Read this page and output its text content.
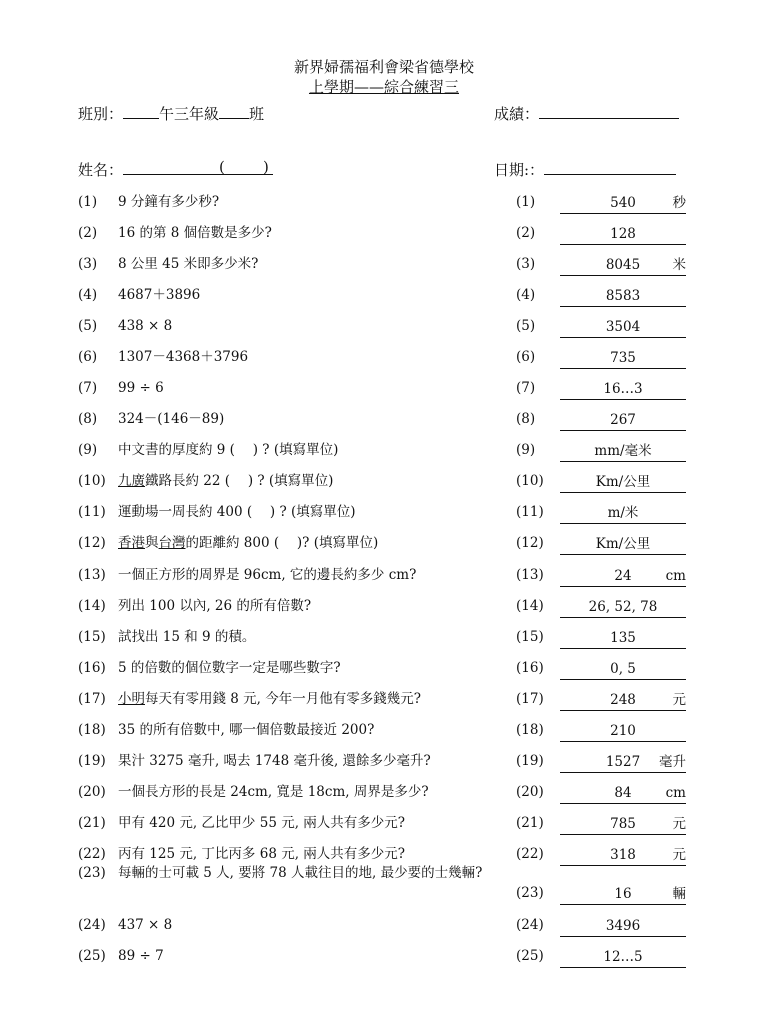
新界婦孺福利會梁省德學校
上學期——綜合練習三
班別： 午三年級 班	成績：
姓名：	(	)	日期:：
(1) 9 分鐘有多少秒?	(1)	540	秒
(2) 16 的第 8 個倍數是多少?	(2)	128
(3) 8 公里 45 米即多少米?	(3)	8045	米
(4) 4687＋3896	(4)	8583
(5) 438 × 8	(5)	3504
(6) 1307－4368＋3796	(6)	735
(7) 99 ÷ 6	(7)	16…3
(8) 324－(146－89)	(8)	267
(9) 中文書的厚度約 9 (　 ) ? (填寫單位)	(9)	mm/毫米
(10) 九廣鐵路長約 22 (　 ) ? (填寫單位)	(10)	Km/公里
(11) 運動場一周長約 400 (　 ) ? (填寫單位)	(11)	m/米
(12) 香港與台灣的距離約 800 (　 )? (填寫單位)	(12)	Km/公里
(13) 一個正方形的周界是 96cm, 它的邊長約多少 cm?	(13)	24	cm
(14) 列出 100 以內, 26 的所有倍數?	(14)	26, 52, 78
(15) 試找出 15 和 9 的積。	(15)	135
(16) 5 的倍數的個位數字一定是哪些數字?	(16)	0, 5
(17) 小明每天有零用錢 8 元, 今年一月他有零多錢幾元?	(17)	248	元
(18) 35 的所有倍數中, 哪一個倍數最接近 200?	(18)	210
(19) 果汁 3275 毫升, 喝去 1748 毫升後, 還餘多少毫升?	(19)	1527	毫升
(20) 一個長方形的長是 24cm, 寬是 18cm, 周界是多少?	(20)	84	cm
(21) 甲有 420 元, 乙比甲少 55 元, 兩人共有多少元?	(21)	785	元
(22) 丙有 125 元, 丁比丙多 68 元, 兩人共有多少元?	(22)	318	元
(23) 每輛的士可載 5 人, 要將 78 人載往目的地, 最少要的士幾輛?
(23)	16	輛
(24) 437 × 8	(24)	3496
(25) 89 ÷ 7	(25)	12…5
